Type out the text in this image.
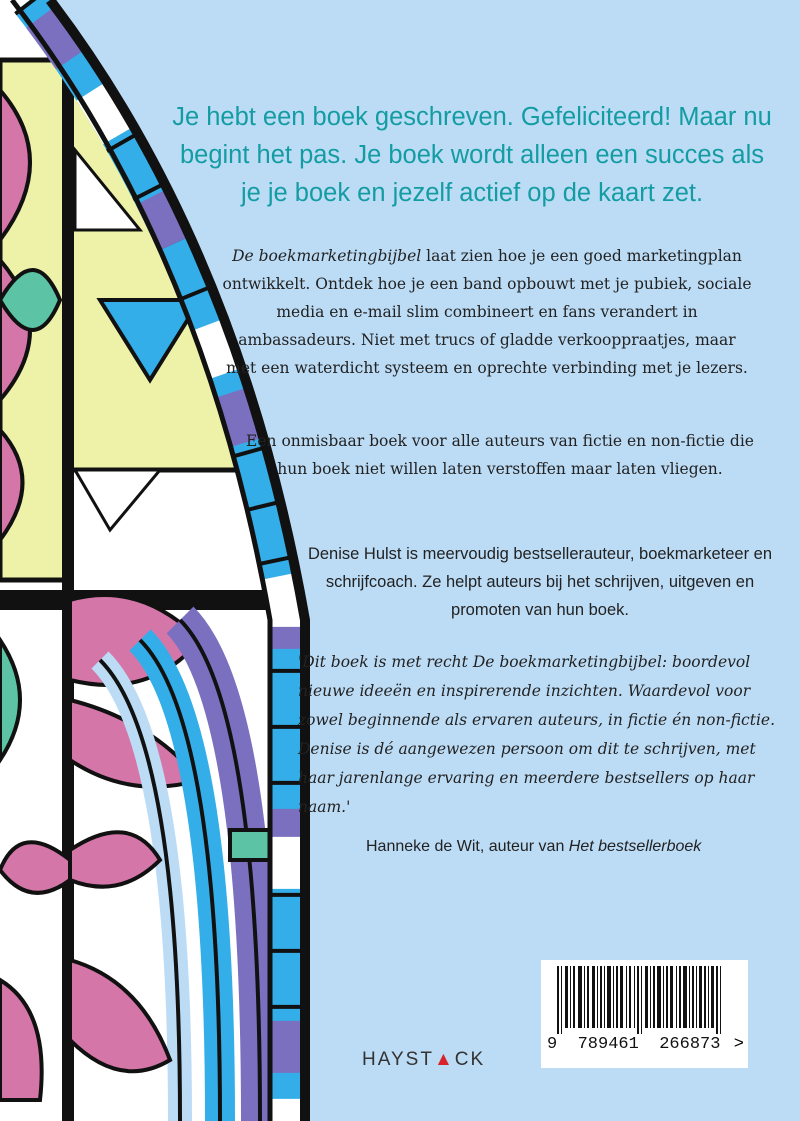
Je hebt een boek geschreven. Gefeliciteerd! Maar nu begint het pas. Je boek wordt alleen een succes als je je boek en jezelf actief op de kaart zet.

De boekmarketingbijbel laat zien hoe je een goed marketingplan ontwikkelt. Ontdek hoe je een band opbouwt met je pubiek, sociale media en e-mail slim combineert en fans verandert in ambassadeurs. Niet met trucs of gladde verkooppraatjes, maar met een waterdicht systeem en oprechte verbinding met je lezers.

Een onmisbaar boek voor alle auteurs van fictie en non-fictie die hun boek niet willen laten verstoffen maar laten vliegen.

Denise Hulst is meervoudig bestsellerauteur, boekmarketeer en schrijfcoach. Ze helpt auteurs bij het schrijven, uitgeven en promoten van hun boek.

'Dit boek is met recht De boekmarketingbijbel: boordevol nieuwe ideeën en inspirerende inzichten. Waardevol voor zowel beginnende als ervaren auteurs, in fictie én non-fictie. Denise is dé aangewezen persoon om dit te schrijven, met haar jarenlange ervaring en meerdere bestsellers op haar naam.'

Hanneke de Wit, auteur van Het bestsellerboek

HAYST▲CK
9  789461  266873 >
